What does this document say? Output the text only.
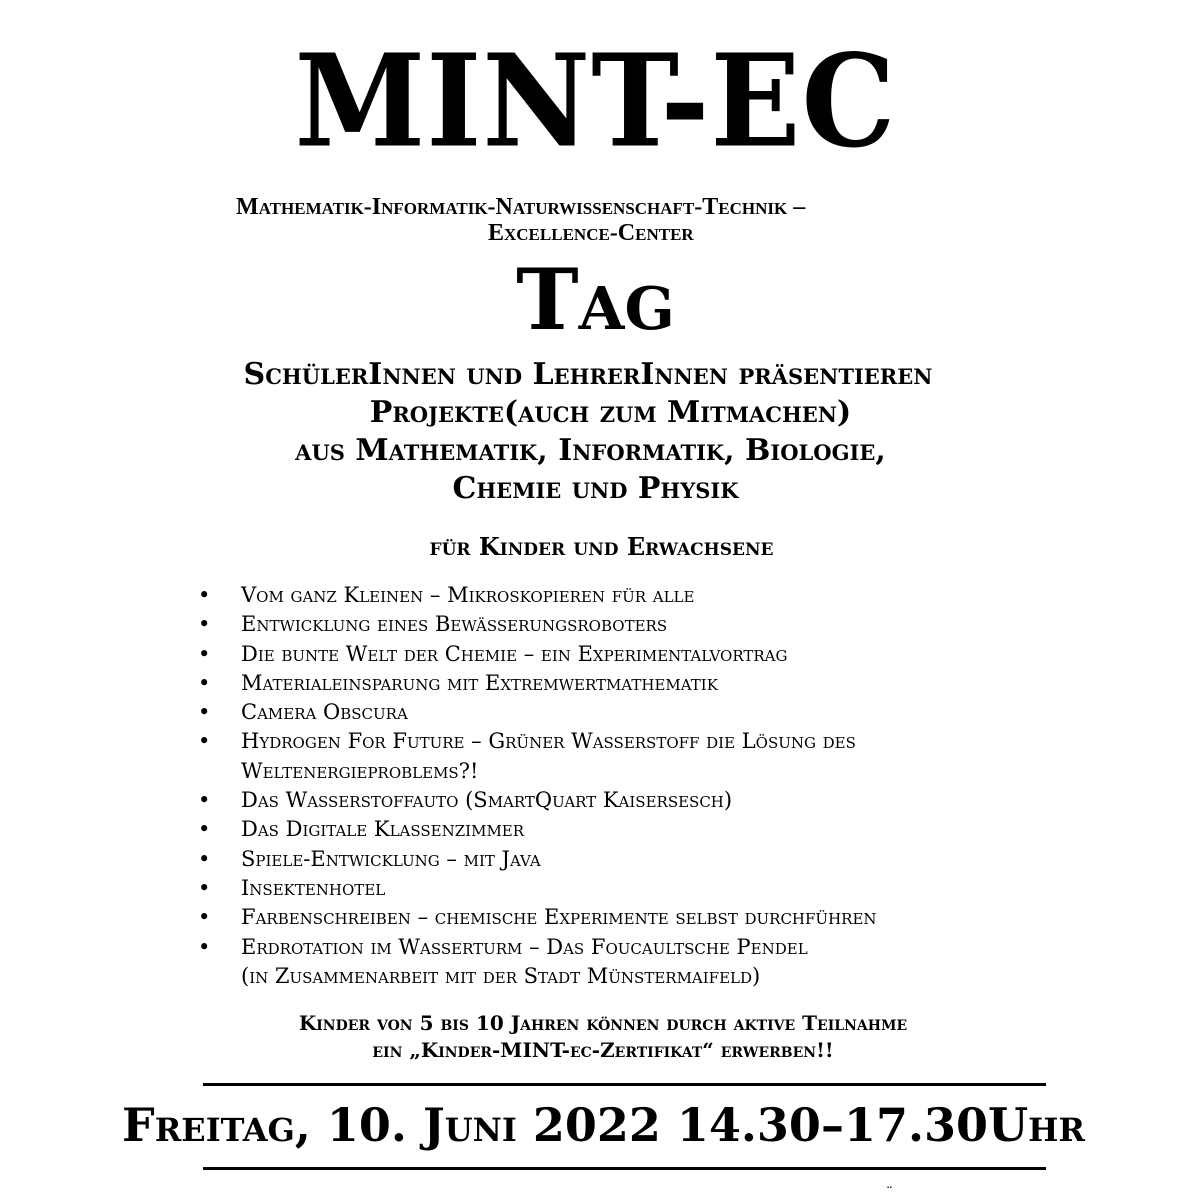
MINT-EC
Mathematik-Informatik-Naturwissenschaft-Technik –
Excellence-Center
Tag
SchülerInnen und LehrerInnen präsentieren
Projekte(auch zum Mitmachen)
aus Mathematik, Informatik, Biologie,
Chemie und Physik
für Kinder und Erwachsene
• Vom ganz Kleinen – Mikroskopieren für alle
• Entwicklung eines Bewässerungsroboters
• Die bunte Welt der Chemie – ein Experimentalvortrag
• Materialeinsparung mit Extremwertmathematik
• Camera Obscura
• Hydrogen For Future – Grüner Wasserstoff die Lösung des
Weltenergieproblems?!
• Das Wasserstoffauto (SmartQuart Kaisersesch)
• Das Digitale Klassenzimmer
• Spiele-Entwicklung – mit Java
• Insektenhotel
• Farbenschreiben – chemische Experimente selbst durchführen
• Erdrotation im Wasserturm – Das Foucaultsche Pendel
(in Zusammenarbeit mit der Stadt Münstermaifeld)
Kinder von 5 bis 10 Jahren können durch aktive Teilnahme
ein „Kinder-MINT-ec-Zertifikat“ erwerben!!
Freitag, 10. Juni 2022 14.30–17.30Uhr
̈
